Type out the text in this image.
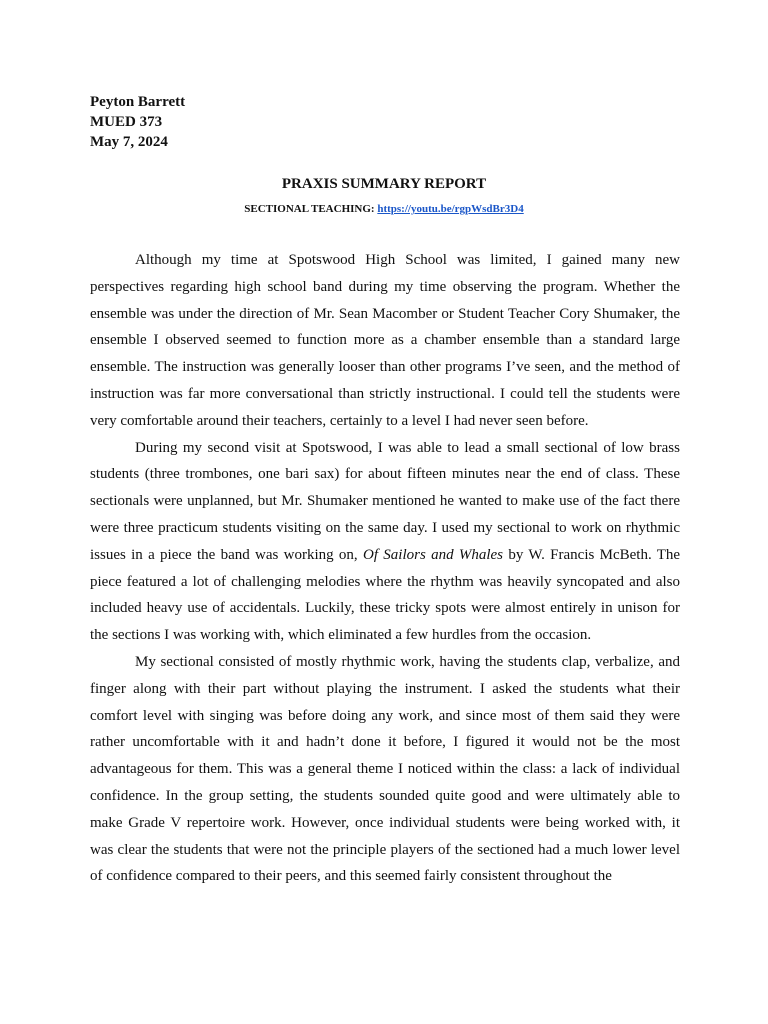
Peyton Barrett
MUED 373
May 7, 2024
PRAXIS SUMMARY REPORT
SECTIONAL TEACHING: https://youtu.be/rgpWsdBr3D4
Although my time at Spotswood High School was limited, I gained many new
perspectives regarding high school band during my time observing the program. Whether the
ensemble was under the direction of Mr. Sean Macomber or Student Teacher Cory Shumaker, the
ensemble I observed seemed to function more as a chamber ensemble than a standard large
ensemble. The instruction was generally looser than other programs I’ve seen, and the method of
instruction was far more conversational than strictly instructional. I could tell the students were
very comfortable around their teachers, certainly to a level I had never seen before.
During my second visit at Spotswood, I was able to lead a small sectional of low brass
students (three trombones, one bari sax) for about fifteen minutes near the end of class. These
sectionals were unplanned, but Mr. Shumaker mentioned he wanted to make use of the fact there
were three practicum students visiting on the same day. I used my sectional to work on rhythmic
issues in a piece the band was working on, Of Sailors and Whales by W. Francis McBeth. The
piece featured a lot of challenging melodies where the rhythm was heavily syncopated and also
included heavy use of accidentals. Luckily, these tricky spots were almost entirely in unison for
the sections I was working with, which eliminated a few hurdles from the occasion.
My sectional consisted of mostly rhythmic work, having the students clap, verbalize, and
finger along with their part without playing the instrument. I asked the students what their
comfort level with singing was before doing any work, and since most of them said they were
rather uncomfortable with it and hadn’t done it before, I figured it would not be the most
advantageous for them. This was a general theme I noticed within the class: a lack of individual
confidence. In the group setting, the students sounded quite good and were ultimately able to
make Grade V repertoire work. However, once individual students were being worked with, it
was clear the students that were not the principle players of the sectioned had a much lower level
of confidence compared to their peers, and this seemed fairly consistent throughout the
